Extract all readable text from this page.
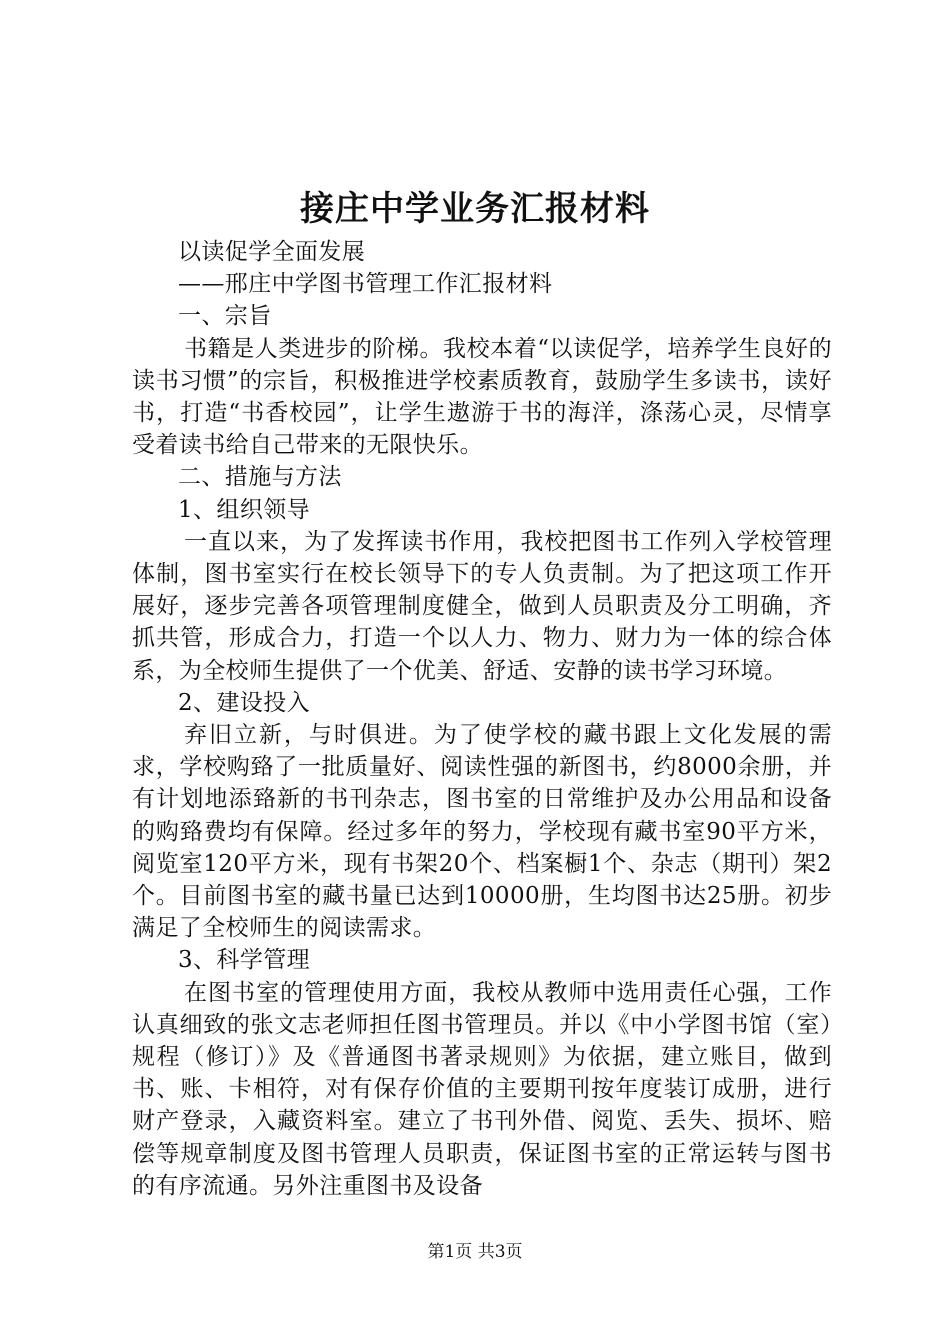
接庄中学业务汇报材料

以读促学全面发展

——邢庄中学图书管理工作汇报材料

一、宗旨

书籍是人类进步的阶梯。我校本着“以读促学，培养学生良好的读书习惯”的宗旨，积极推进学校素质教育，鼓励学生多读书，读好书，打造“书香校园”，让学生遨游于书的海洋，涤荡心灵，尽情享受着读书给自己带来的无限快乐。

二、措施与方法

1、组织领导

一直以来，为了发挥读书作用，我校把图书工作列入学校管理体制，图书室实行在校长领导下的专人负责制。为了把这项工作开展好，逐步完善各项管理制度健全，做到人员职责及分工明确，齐抓共管，形成合力，打造一个以人力、物力、财力为一体的综合体系，为全校师生提供了一个优美、舒适、安静的读书学习环境。

2、建设投入

弃旧立新，与时俱进。为了使学校的藏书跟上文化发展的需求，学校购臵了一批质量好、阅读性强的新图书，约8000余册，并有计划地添臵新的书刊杂志，图书室的日常维护及办公用品和设备的购臵费均有保障。经过多年的努力，学校现有藏书室90平方米，阅览室120平方米，现有书架20个、档案橱1个、杂志（期刊）架2个。目前图书室的藏书量已达到10000册，生均图书达25册。初步满足了全校师生的阅读需求。

3、科学管理

在图书室的管理使用方面，我校从教师中选用责任心强，工作认真细致的张文志老师担任图书管理员。并以《中小学图书馆（室）规程（修订）》及《普通图书著录规则》为依据，建立账目，做到书、账、卡相符，对有保存价值的主要期刊按年度装订成册，进行财产登录，入藏资料室。建立了书刊外借、阅览、丢失、损坏、赔偿等规章制度及图书管理人员职责，保证图书室的正常运转与图书的有序流通。另外注重图书及设备

第1页 共3页
